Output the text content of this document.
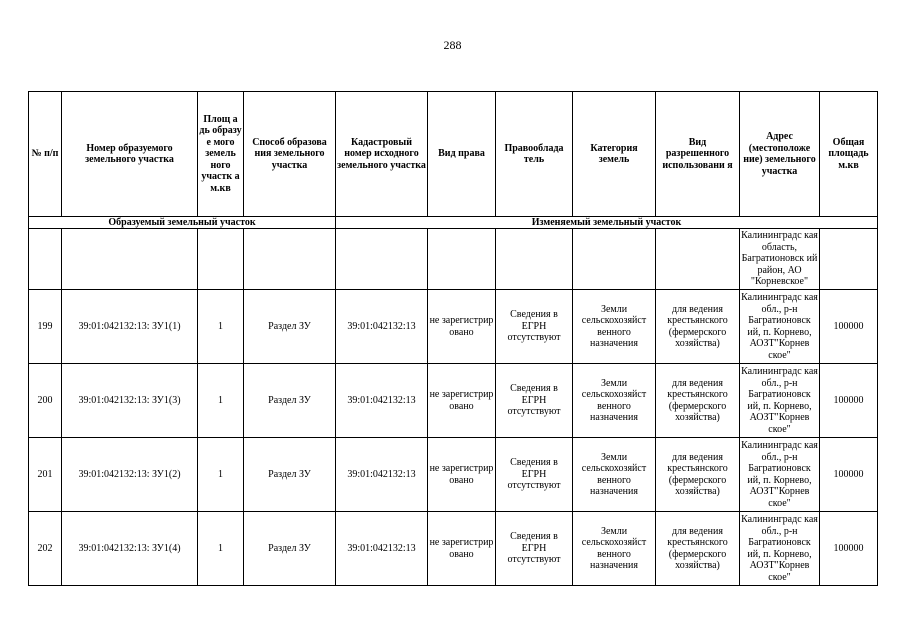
288
№ п/п	Номер образуемого земельного участка	Площ а дь образу е мого земель ного участк а м.кв	Способ образова ния земельного участка	Кадастровый номер исходного земельного участка	Вид права	Правооблада тель	Категория земель	Вид разрешенного использовани я	Адрес (местоположе ние) земельного участка	Общая площадь м.кв
Образуемый земельный участок				Изменяемый земельный участок						
									Калининградс кая область, Багратионовск ий район, АО "Корневское"	
199	39:01:042132:13: ЗУ1(1)	1	Раздел ЗУ	39:01:042132:13	не зарегистрир овано	Сведения в ЕГРН отсутствуют	Земли сельскохозяйст венного назначения	для ведения крестьянского (фермерского хозяйства)	Калининградс кая обл., р-н Багратионовск ий, п. Корнево, АОЗТ"Корнев ское"	100000
200	39:01:042132:13: ЗУ1(3)	1	Раздел ЗУ	39:01:042132:13	не зарегистрир овано	Сведения в ЕГРН отсутствуют	Земли сельскохозяйст венного назначения	для ведения крестьянского (фермерского хозяйства)	Калининградс кая обл., р-н Багратионовск ий, п. Корнево, АОЗТ"Корнев ское"	100000
201	39:01:042132:13: ЗУ1(2)	1	Раздел ЗУ	39:01:042132:13	не зарегистрир овано	Сведения в ЕГРН отсутствуют	Земли сельскохозяйст венного назначения	для ведения крестьянского (фермерского хозяйства)	Калининградс кая обл., р-н Багратионовск ий, п. Корнево, АОЗТ"Корнев ское"	100000
202	39:01:042132:13: ЗУ1(4)	1	Раздел ЗУ	39:01:042132:13	не зарегистрир овано	Сведения в ЕГРН отсутствуют	Земли сельскохозяйст венного назначения	для ведения крестьянского (фермерского хозяйства)	Калининградс кая обл., р-н Багратионовск ий, п. Корнево, АОЗТ"Корнев ское"	100000
